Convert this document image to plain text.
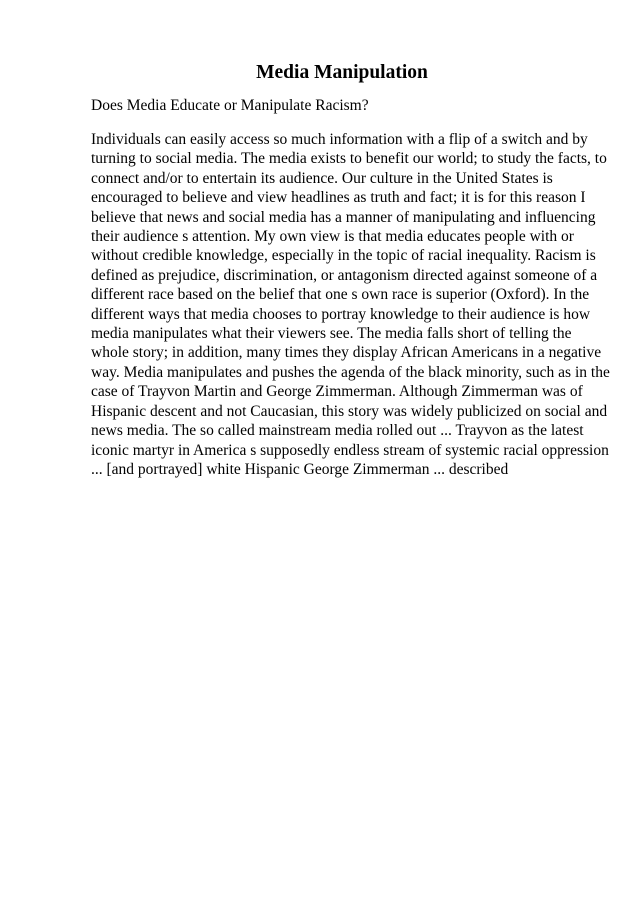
Media Manipulation

Does Media Educate or Manipulate Racism?

Individuals can easily access so much information with a flip of a switch and by
turning to social media. The media exists to benefit our world; to study the facts, to
connect and/or to entertain its audience. Our culture in the United States is
encouraged to believe and view headlines as truth and fact; it is for this reason I
believe that news and social media has a manner of manipulating and influencing
their audience s attention. My own view is that media educates people with or
without credible knowledge, especially in the topic of racial inequality. Racism is
defined as prejudice, discrimination, or antagonism directed against someone of a
different race based on the belief that one s own race is superior (Oxford). In the
different ways that media chooses to portray knowledge to their audience is how
media manipulates what their viewers see. The media falls short of telling the
whole story; in addition, many times they display African Americans in a negative
way. Media manipulates and pushes the agenda of the black minority, such as in the
case of Trayvon Martin and George Zimmerman. Although Zimmerman was of
Hispanic descent and not Caucasian, this story was widely publicized on social and
news media. The so called mainstream media rolled out ... Trayvon as the latest
iconic martyr in America s supposedly endless stream of systemic racial oppression
... [and portrayed] white Hispanic George Zimmerman ... described
